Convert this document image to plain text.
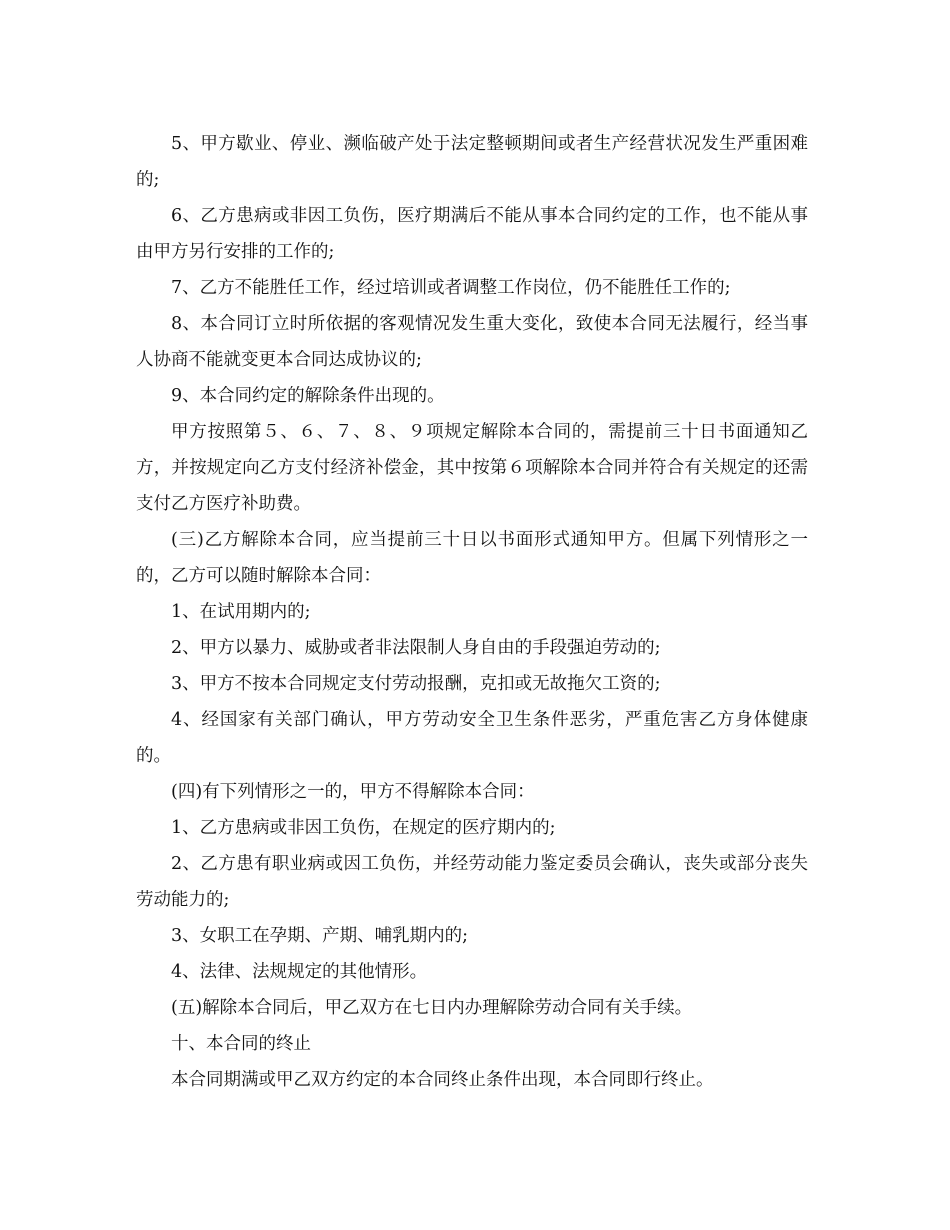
5、甲方歇业、停业、濒临破产处于法定整顿期间或者生产经营状况发生严重困难的;

6、乙方患病或非因工负伤，医疗期满后不能从事本合同约定的工作，也不能从事由甲方另行安排的工作的;

7、乙方不能胜任工作，经过培训或者调整工作岗位，仍不能胜任工作的;

8、本合同订立时所依据的客观情况发生重大变化，致使本合同无法履行，经当事人协商不能就变更本合同达成协议的;

9、本合同约定的解除条件出现的。

甲方按照第５、６、７、８、９项规定解除本合同的，需提前三十日书面通知乙方，并按规定向乙方支付经济补偿金，其中按第６项解除本合同并符合有关规定的还需支付乙方医疗补助费。

(三)乙方解除本合同，应当提前三十日以书面形式通知甲方。但属下列情形之一的，乙方可以随时解除本合同：

1、在试用期内的;

2、甲方以暴力、威胁或者非法限制人身自由的手段强迫劳动的;

3、甲方不按本合同规定支付劳动报酬，克扣或无故拖欠工资的;

4、经国家有关部门确认，甲方劳动安全卫生条件恶劣，严重危害乙方身体健康的。

(四)有下列情形之一的，甲方不得解除本合同：

1、乙方患病或非因工负伤，在规定的医疗期内的;

2、乙方患有职业病或因工负伤，并经劳动能力鉴定委员会确认，丧失或部分丧失劳动能力的;

3、女职工在孕期、产期、哺乳期内的;

4、法律、法规规定的其他情形。

(五)解除本合同后，甲乙双方在七日内办理解除劳动合同有关手续。

十、本合同的终止

本合同期满或甲乙双方约定的本合同终止条件出现，本合同即行终止。
